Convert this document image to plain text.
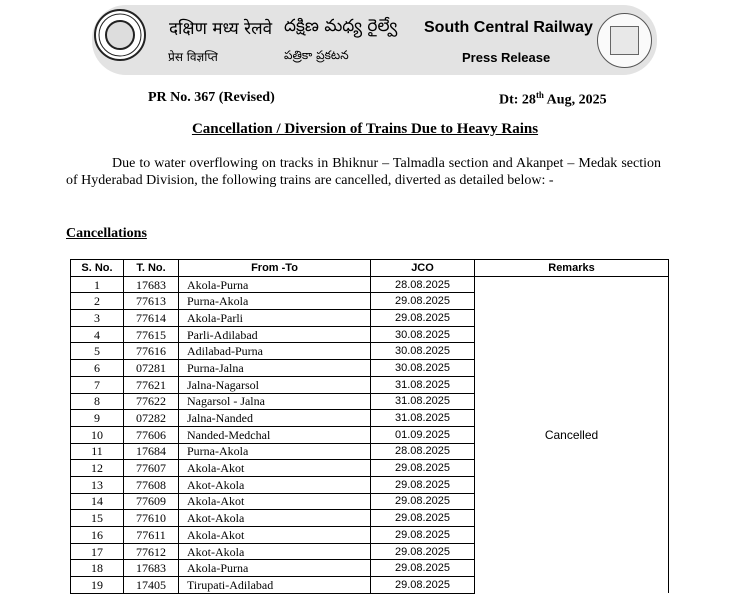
दक्षिण मध्य रेलवे దక్షిణ మధ్య రైల్వే South Central Railway
प्रेस विज्ञप्ति	పత్రికా ప్రకటన	Press Release
PR No. 367 (Revised)	Dt: 28th Aug, 2025
Cancellation / Diversion of Trains Due to Heavy Rains
Due to water overflowing on tracks in Bhiknur – Talmadla section and Akanpet – Medak section of Hyderabad Division, the following trains are cancelled, diverted as detailed below: -
Cancellations
S. No.	T. No.	From -To	JCO	Remarks
1	17683	Akola-Purna	28.08.2025	Cancelled
2	77613	Purna-Akola	29.08.2025	
3	77614	Akola-Parli	29.08.2025	
4	77615	Parli-Adilabad	30.08.2025	
5	77616	Adilabad-Purna	30.08.2025	
6	07281	Purna-Jalna	30.08.2025	
7	77621	Jalna-Nagarsol	31.08.2025	
8	77622	Nagarsol - Jalna	31.08.2025	
9	07282	Jalna-Nanded	31.08.2025	
10	77606	Nanded-Medchal	01.09.2025	
11	17684	Purna-Akola	28.08.2025	
12	77607	Akola-Akot	29.08.2025	
13	77608	Akot-Akola	29.08.2025	
14	77609	Akola-Akot	29.08.2025	
15	77610	Akot-Akola	29.08.2025	
16	77611	Akola-Akot	29.08.2025	
17	77612	Akot-Akola	29.08.2025	
18	17683	Akola-Purna	29.08.2025	
19	17405	Tirupati-Adilabad	29.08.2025	
